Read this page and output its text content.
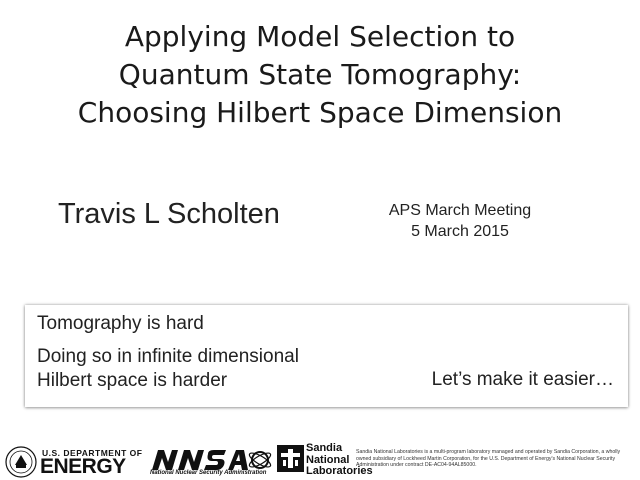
Applying Model Selection to
Quantum State Tomography:
Choosing Hilbert Space Dimension
Travis L Scholten	APS March Meeting
5 March 2015
Tomography is hard
Doing so in infinite dimensional
Hilbert space is harder	Let’s make it easier…
U.S. DEPARTMENT OF
ENERGY	National Nuclear Security Administration
Sandia
National
Laboratories
Sandia National Laboratories is a multi-program laboratory managed and operated by Sandia Corporation, a wholly owned subsidiary of Lockheed Martin Corporation, for the U.S. Department of Energy's National Nuclear Security Administration under contract DE-AC04-94AL85000.
